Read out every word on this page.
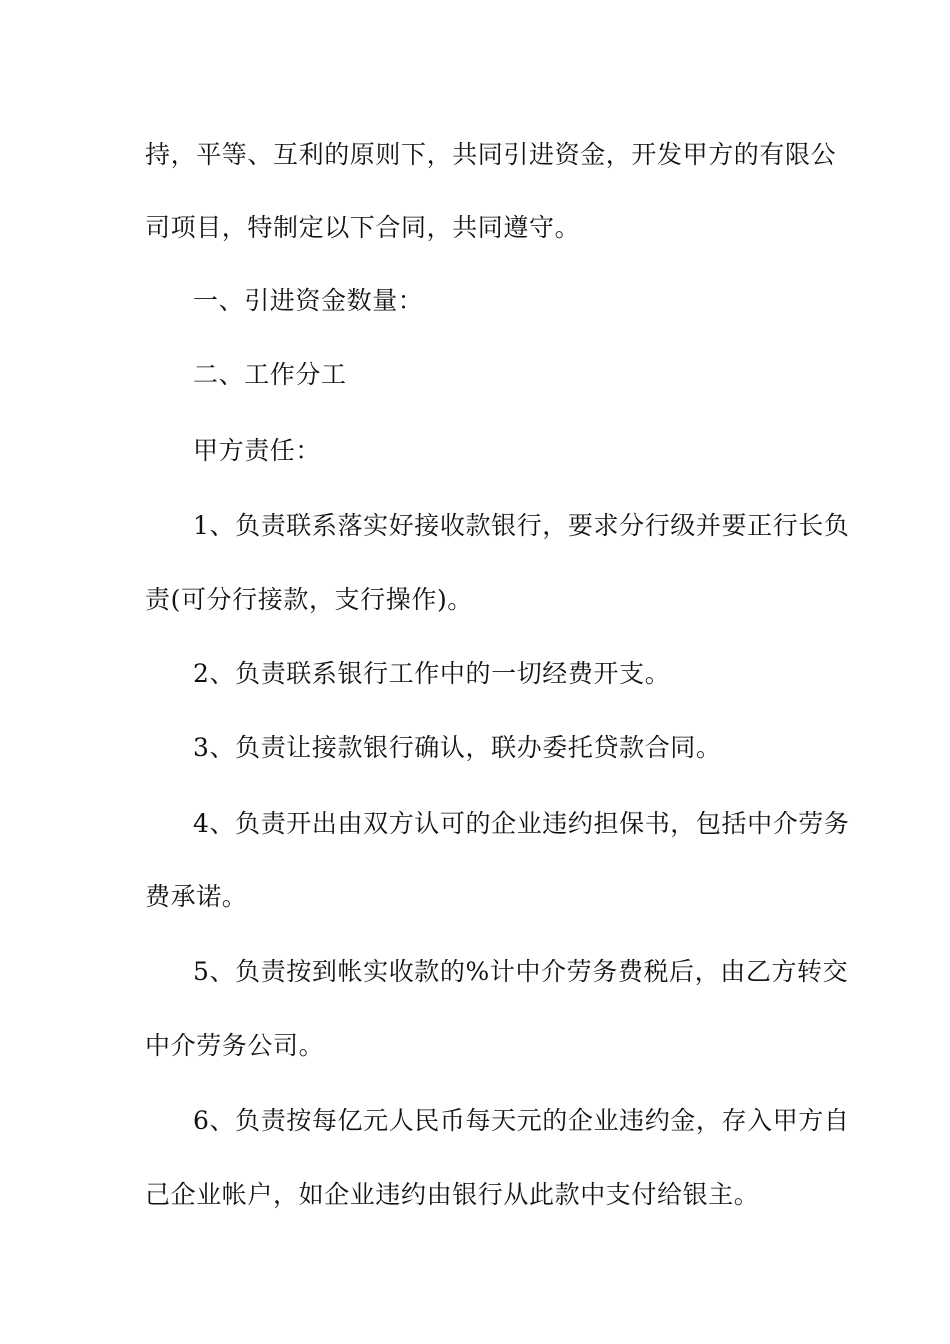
持，平等、互利的原则下，共同引进资金，开发甲方的有限公
司项目，特制定以下合同，共同遵守。
一、引进资金数量：
二、工作分工
甲方责任：
1、负责联系落实好接收款银行，要求分行级并要正行长负
责(可分行接款，支行操作)。
2、负责联系银行工作中的一切经费开支。
3、负责让接款银行确认，联办委托贷款合同。
4、负责开出由双方认可的企业违约担保书，包括中介劳务
费承诺。
5、负责按到帐实收款的%计中介劳务费税后，由乙方转交
中介劳务公司。
6、负责按每亿元人民币每天元的企业违约金，存入甲方自
己企业帐户，如企业违约由银行从此款中支付给银主。
